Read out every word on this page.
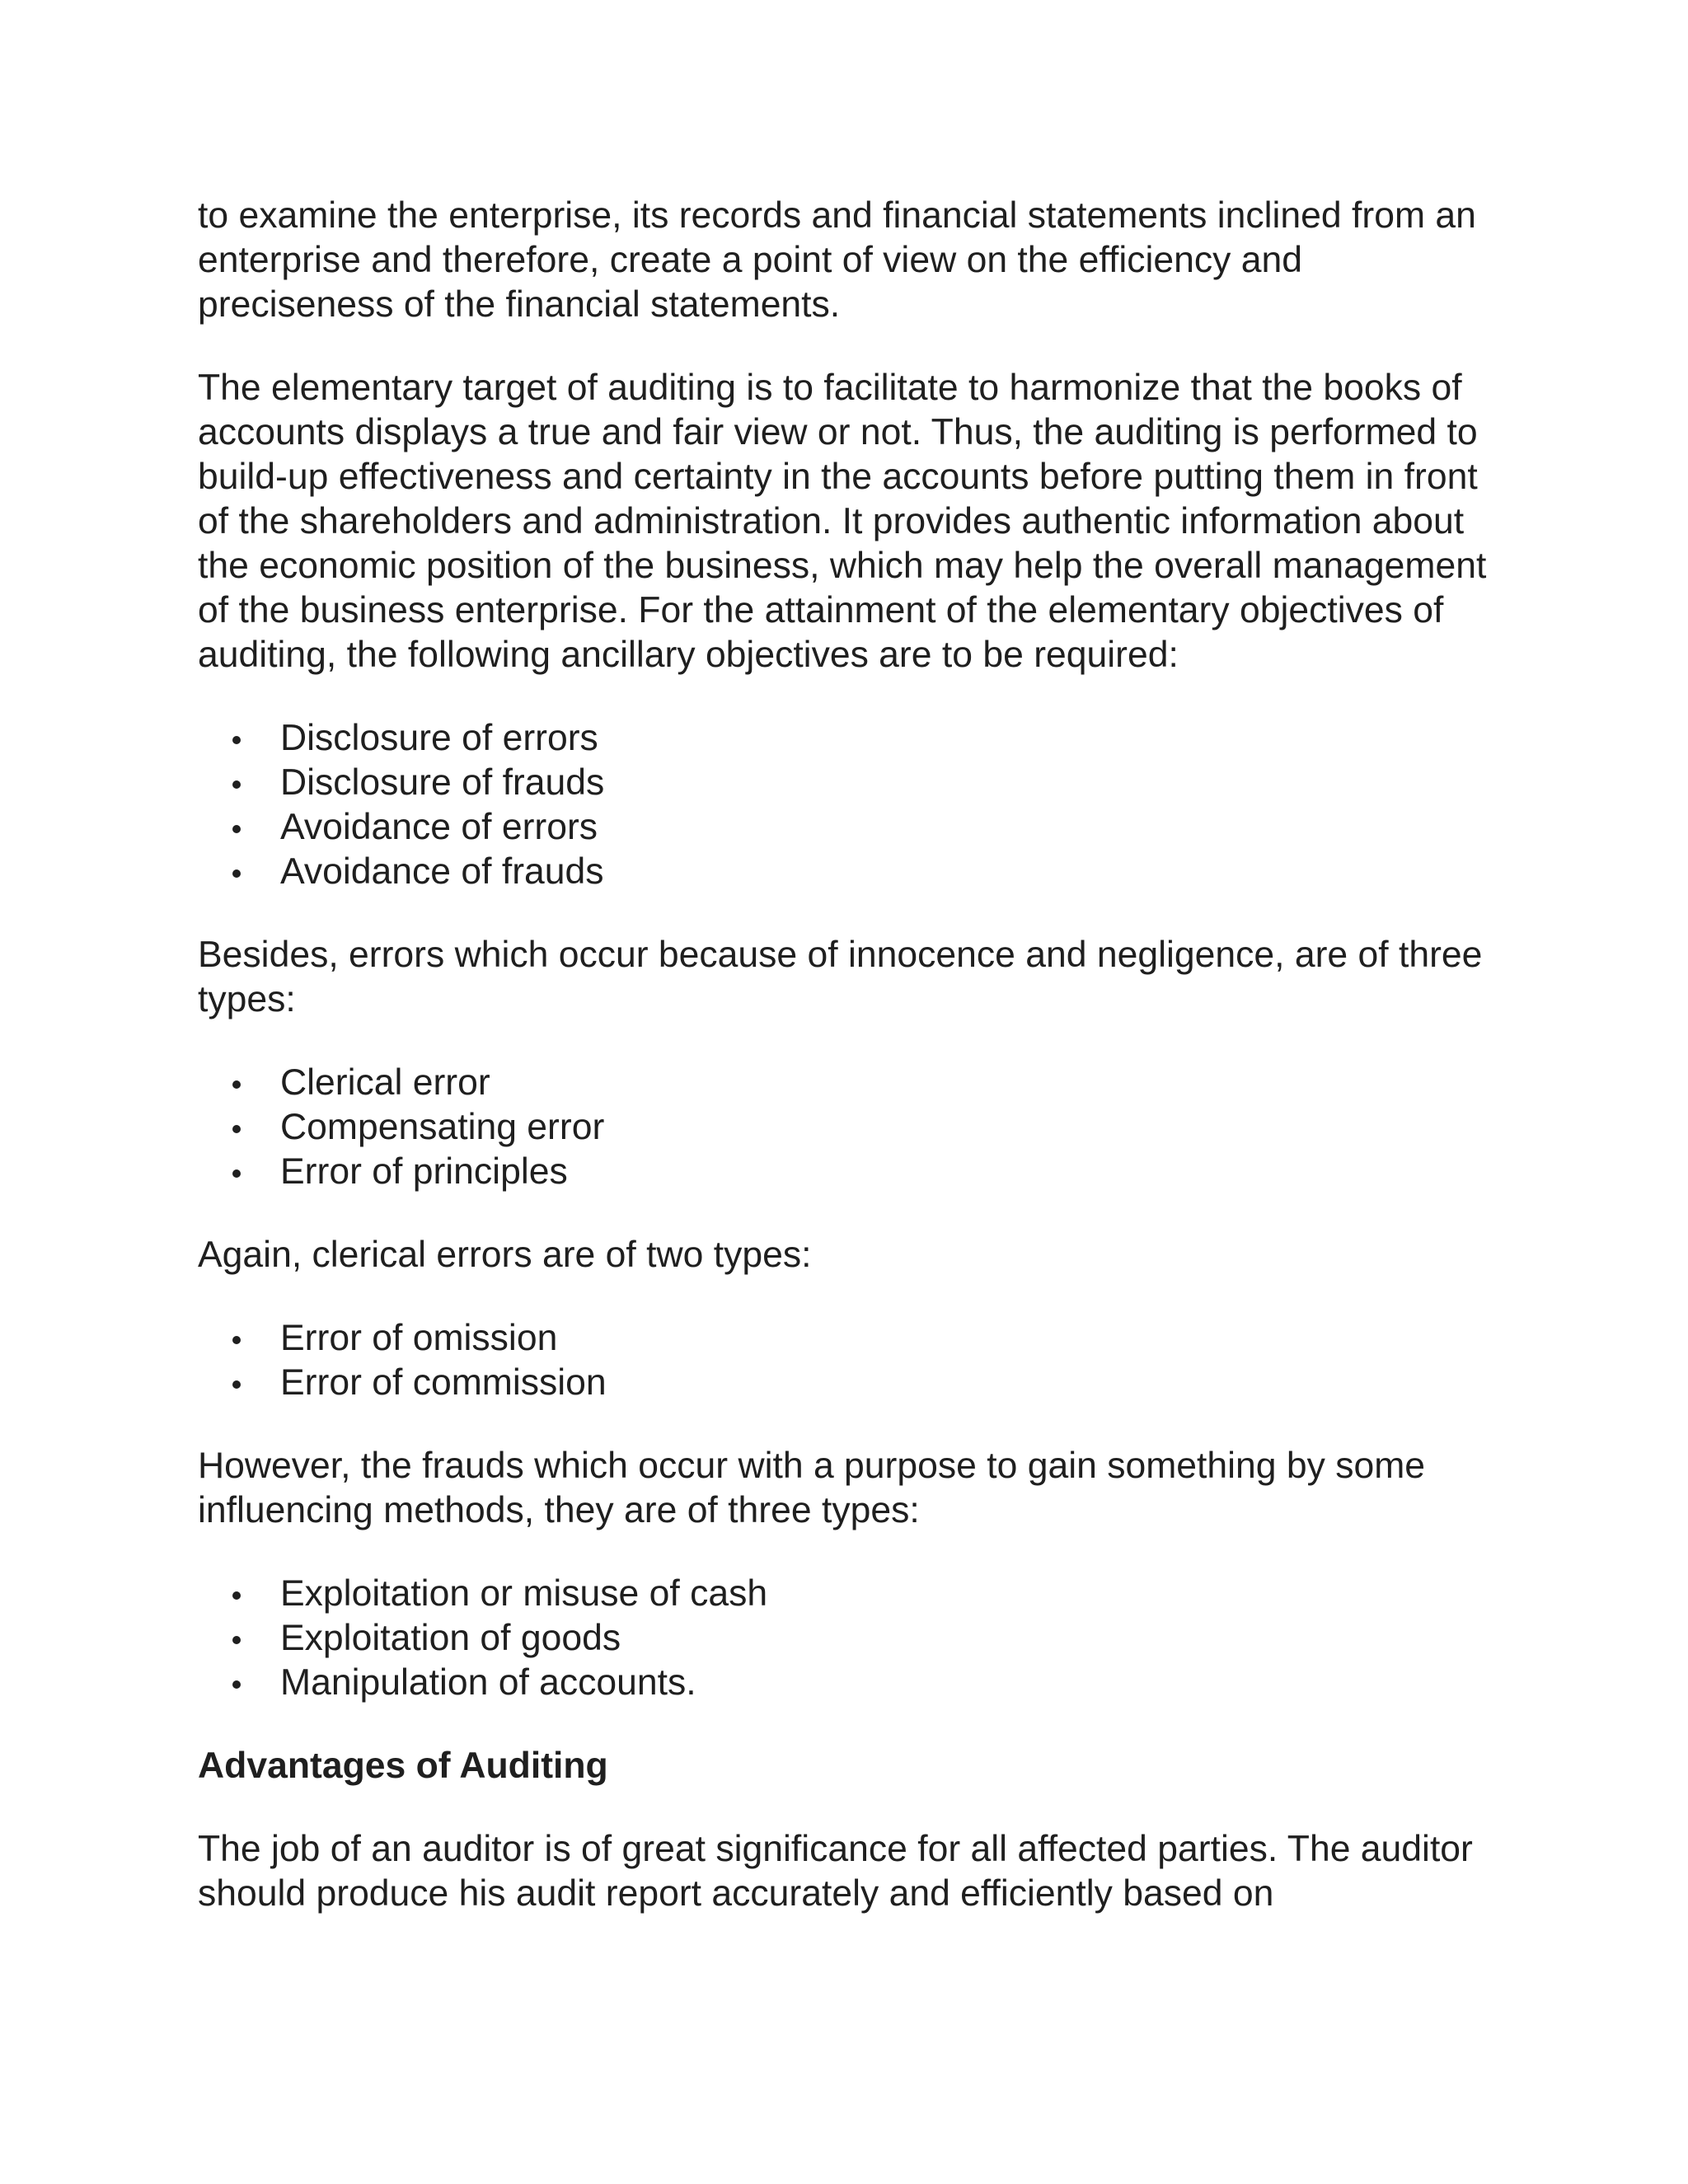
to examine the enterprise, its records and financial statements inclined from an enterprise and therefore, create a point of view on the efficiency and preciseness of the financial statements.

The elementary target of auditing is to facilitate to harmonize that the books of accounts displays a true and fair view or not. Thus, the auditing is performed to build-up effectiveness and certainty in the accounts before putting them in front of the shareholders and administration. It provides authentic information about the economic position of the business, which may help the overall management of the business enterprise. For the attainment of the elementary objectives of auditing, the following ancillary objectives are to be required:

Disclosure of errors
Disclosure of frauds
Avoidance of errors
Avoidance of frauds

Besides, errors which occur because of innocence and negligence, are of three types:

Clerical error
Compensating error
Error of principles

Again, clerical errors are of two types:

Error of omission
Error of commission

However, the frauds which occur with a purpose to gain something by some influencing methods, they are of three types:

Exploitation or misuse of cash
Exploitation of goods
Manipulation of accounts.

Advantages of Auditing

The job of an auditor is of great significance for all affected parties. The auditor should produce his audit report accurately and efficiently based on
